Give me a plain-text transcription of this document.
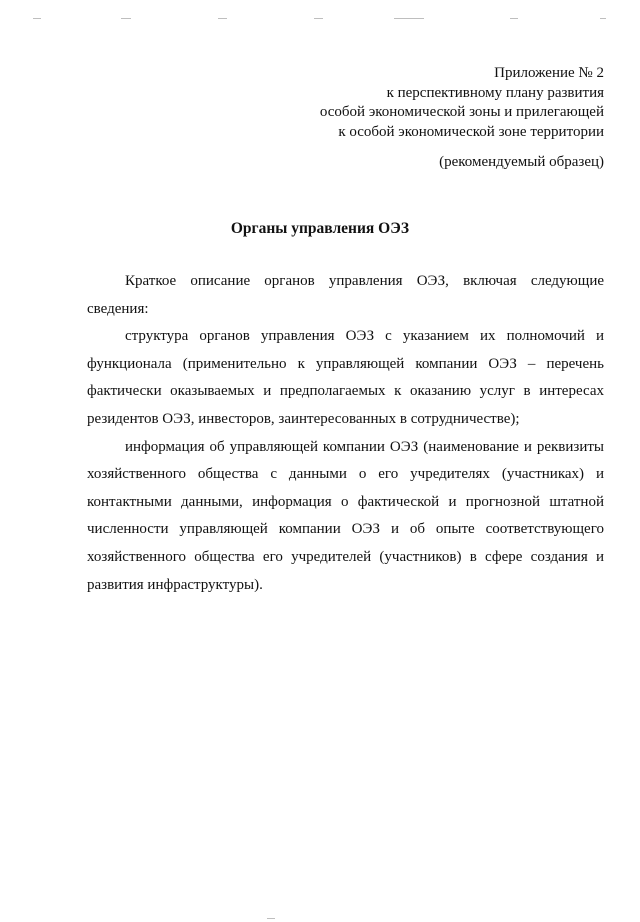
Приложение № 2
к перспективному плану развития
особой экономической зоны и прилегающей
к особой экономической зоне территории
(рекомендуемый образец)
Органы управления ОЭЗ

Краткое описание органов управления ОЭЗ, включая следующие сведения:

структура органов управления ОЭЗ с указанием их полномочий и функционала (применительно к управляющей компании ОЭЗ – перечень фактически оказываемых и предполагаемых к оказанию услуг в интересах резидентов ОЭЗ, инвесторов, заинтересованных в сотрудничестве);

информация об управляющей компании ОЭЗ (наименование и реквизиты хозяйственного общества с данными о его учредителях (участниках) и контактными данными, информация о фактической и прогнозной штатной численности управляющей компании ОЭЗ и об опыте соответствующего хозяйственного общества его учредителей (участников) в сфере создания и развития инфраструктуры).
